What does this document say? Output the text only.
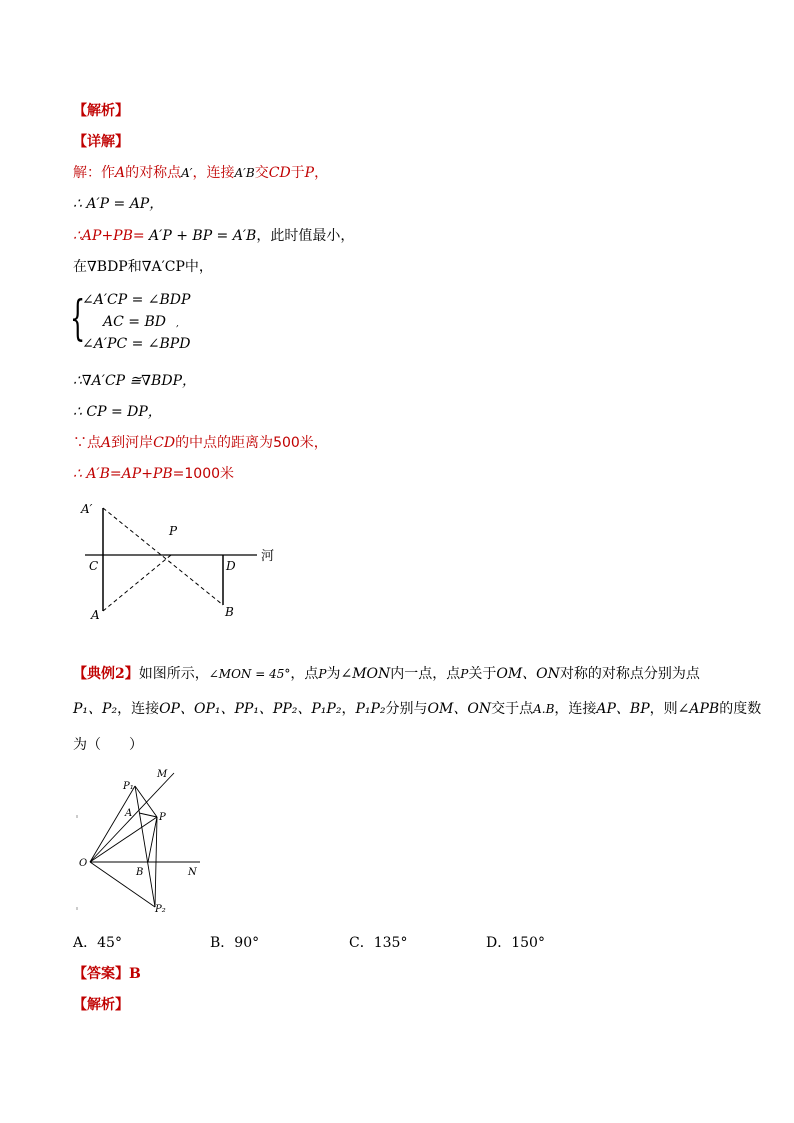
【解析】
【详解】
解：作A的对称点A′，连接A′B交CD于P，
∴ A′P = AP，
∴AP+PB= A′P + BP = A′B，此时值最小，
在∇BDP和∇A′CP中，
{
∠A′CP = ∠BDP
AC = BD
∠A′PC = ∠BPD
,
∴∇A′CP ≅∇BDP，
∴ CP = DP，
∵点A到河岸CD的中点的距离为500米，
∴ A′B=AP+PB=1000米
A′
P
C	D
A	B
河
【典例2】如图所示，∠MON = 45°，点P为∠MON内一点，点P关于OM、ON对称的对称点分别为点
P₁、P₂，连接OP、OP₁、PP₁、PP₂、P₁P₂，P₁P₂分别与OM、ON交于点A.B，连接AP、BP，则∠APB的度数
为（　　）
P₁
M
A	P
O
B	N
P₂
A．45°	B．90°	C．135°	D．150°
【答案】B
【解析】
